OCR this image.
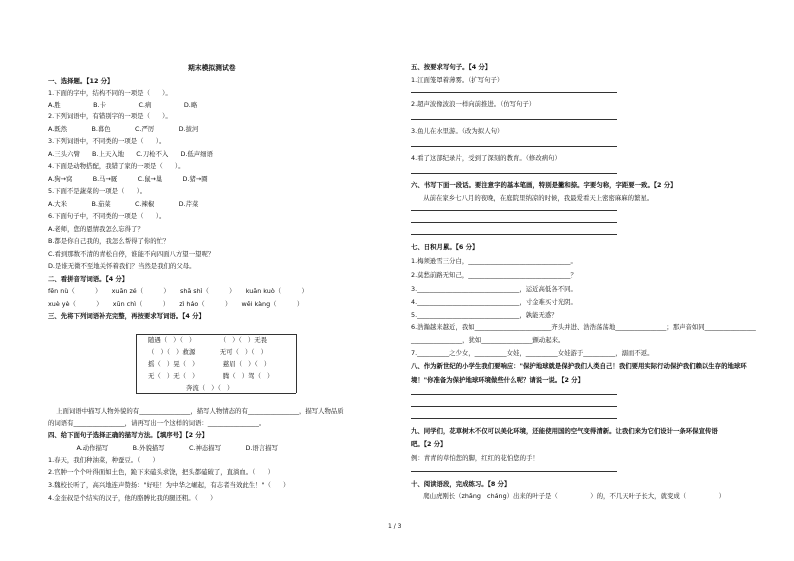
期末模拟测试卷
一、选择题。【12 分】
1.下面的字中，结构不同的一项是（      ）。
A.胜                B.卡                C.病                D.略
2.下列词语中，有错别字的一项是（      ）。
A.既然            B.暮色            C.严厉            D.拔河
3.下列词语中，不同类的一项是（      ）。
A.三头六臂      B.上天入地      C.刀枪不入      D.低声细语
4.下面是动物搭配，我错了家的一项是（      ）。
A.狗→窝          B.马→厩          C.鼠→巢          D.猪→圈
5.下面不是蔬菜的一项是（      ）。
A.大米            B.茄菜            C.辣椒            D.芹菜
6.下面句子中，不同类的一项是（      ）。
A.老师，您的恩情我怎么忘得了？
B.都是你自己我的，我怎么帮得了你的忙？
C.看到那数不清的青松自停，谁能不向四面八方望一望呢？
D.是谁无微不至地关怀着我们？当然是我们的父母。
二、看拼音写词语。【4 分】
fēn nù（          ）     xuān zé（          ）     shā shì（          ）     kuān kuò（          ）
xuè yè（          ）     xūn chì（          ）     zì háo（          ）     wěi kàng（          ）
三、先将下列词语补充完整，再按要求写词语。【4 分】
随遇（   ）（   ）            （   ）（   ）无畏
（   ）（   ）救源            无可（   ）（   ）
摇（   ）晃（   ）            慈眉（   ）（   ）
无（   ）无（   ）            腾（   ）驾（   ）
奔流（   ）（   ）
上面词语中描写人物外貌的有________________，描写人物情态的有________________，描写人物品质
的词语有________________，请再写出一个这样的词语：________________。
四、给下面句子选择正确的描写方法。【填序号】【2 分】
A.动作描写            B.外貌描写            C.神态描写            D.语言描写
1.春天，我们种油菜，种蚕豆。（      ）
2.官肿一个个叶得面如土色，跪下来磕头求饶，把头都磕破了，直淌血。（      ）
3.魏校长听了，高兴地连声赞扬："好哇！为中华之崛起，有志者当效此生！"（      ）
4.金奎叔是个结实的汉子，他的胳膊比我的腿还粗。（      ）
五、按要求写句子。【4 分】
1.江面笼罩着薄雾。（扩写句子）
2.超声波像波浪一样向前推进。（仿写句子）
3.鱼儿在水里游。（改为拟人句）
4.看了这部纪录片，受到了深刻的教育。（修改病句）
六、书写下面一段话。要注意字的基本笔画，特别是撇和捺。字要匀称，字距要一致。【2 分】
从前在家乡七八月的夜晚，在庭院里纳凉的时候，我最爱看天上密密麻麻的繁星。
七、日积月累。【6 分】
1.梅须逊雪三分白，________________________________。
2.莫愁前路无知己，________________________________？
3.________________________________，运近高低各不同。
4.________________________________，寸金难买寸光阴。
5.________________________________，孰能无惑？
6.浩瀚越来越近，我如________________________齐头并进、浩浩荡荡地________________；那声音如同________________
________________，犹如________________颤动起来。
7.__________之少女，__________女娃，__________女娃游于__________，溺而不返。
八、作为新世纪的小学生我们要响应："保护地球就是保护我们人类自己！我们要用实际行动保护我们赖以生存的地球环
境！"你准备为保护地球环境做些什么呢？请说一说。【2 分】
九、同学们，花草树木不仅可以美化环境，还能使用国的空气变得清新。让我们来为它们设计一条环保宣传语
吧。【2 分】
例：青青的草怕您的脚，红红的花怕您的手！
十、阅读语段，完成练习。【8 分】
爬山虎刚长（zhǎng   cháng）出来的叶子是（                ）的，不几天叶子长大，就变成（                ）
1 / 3
